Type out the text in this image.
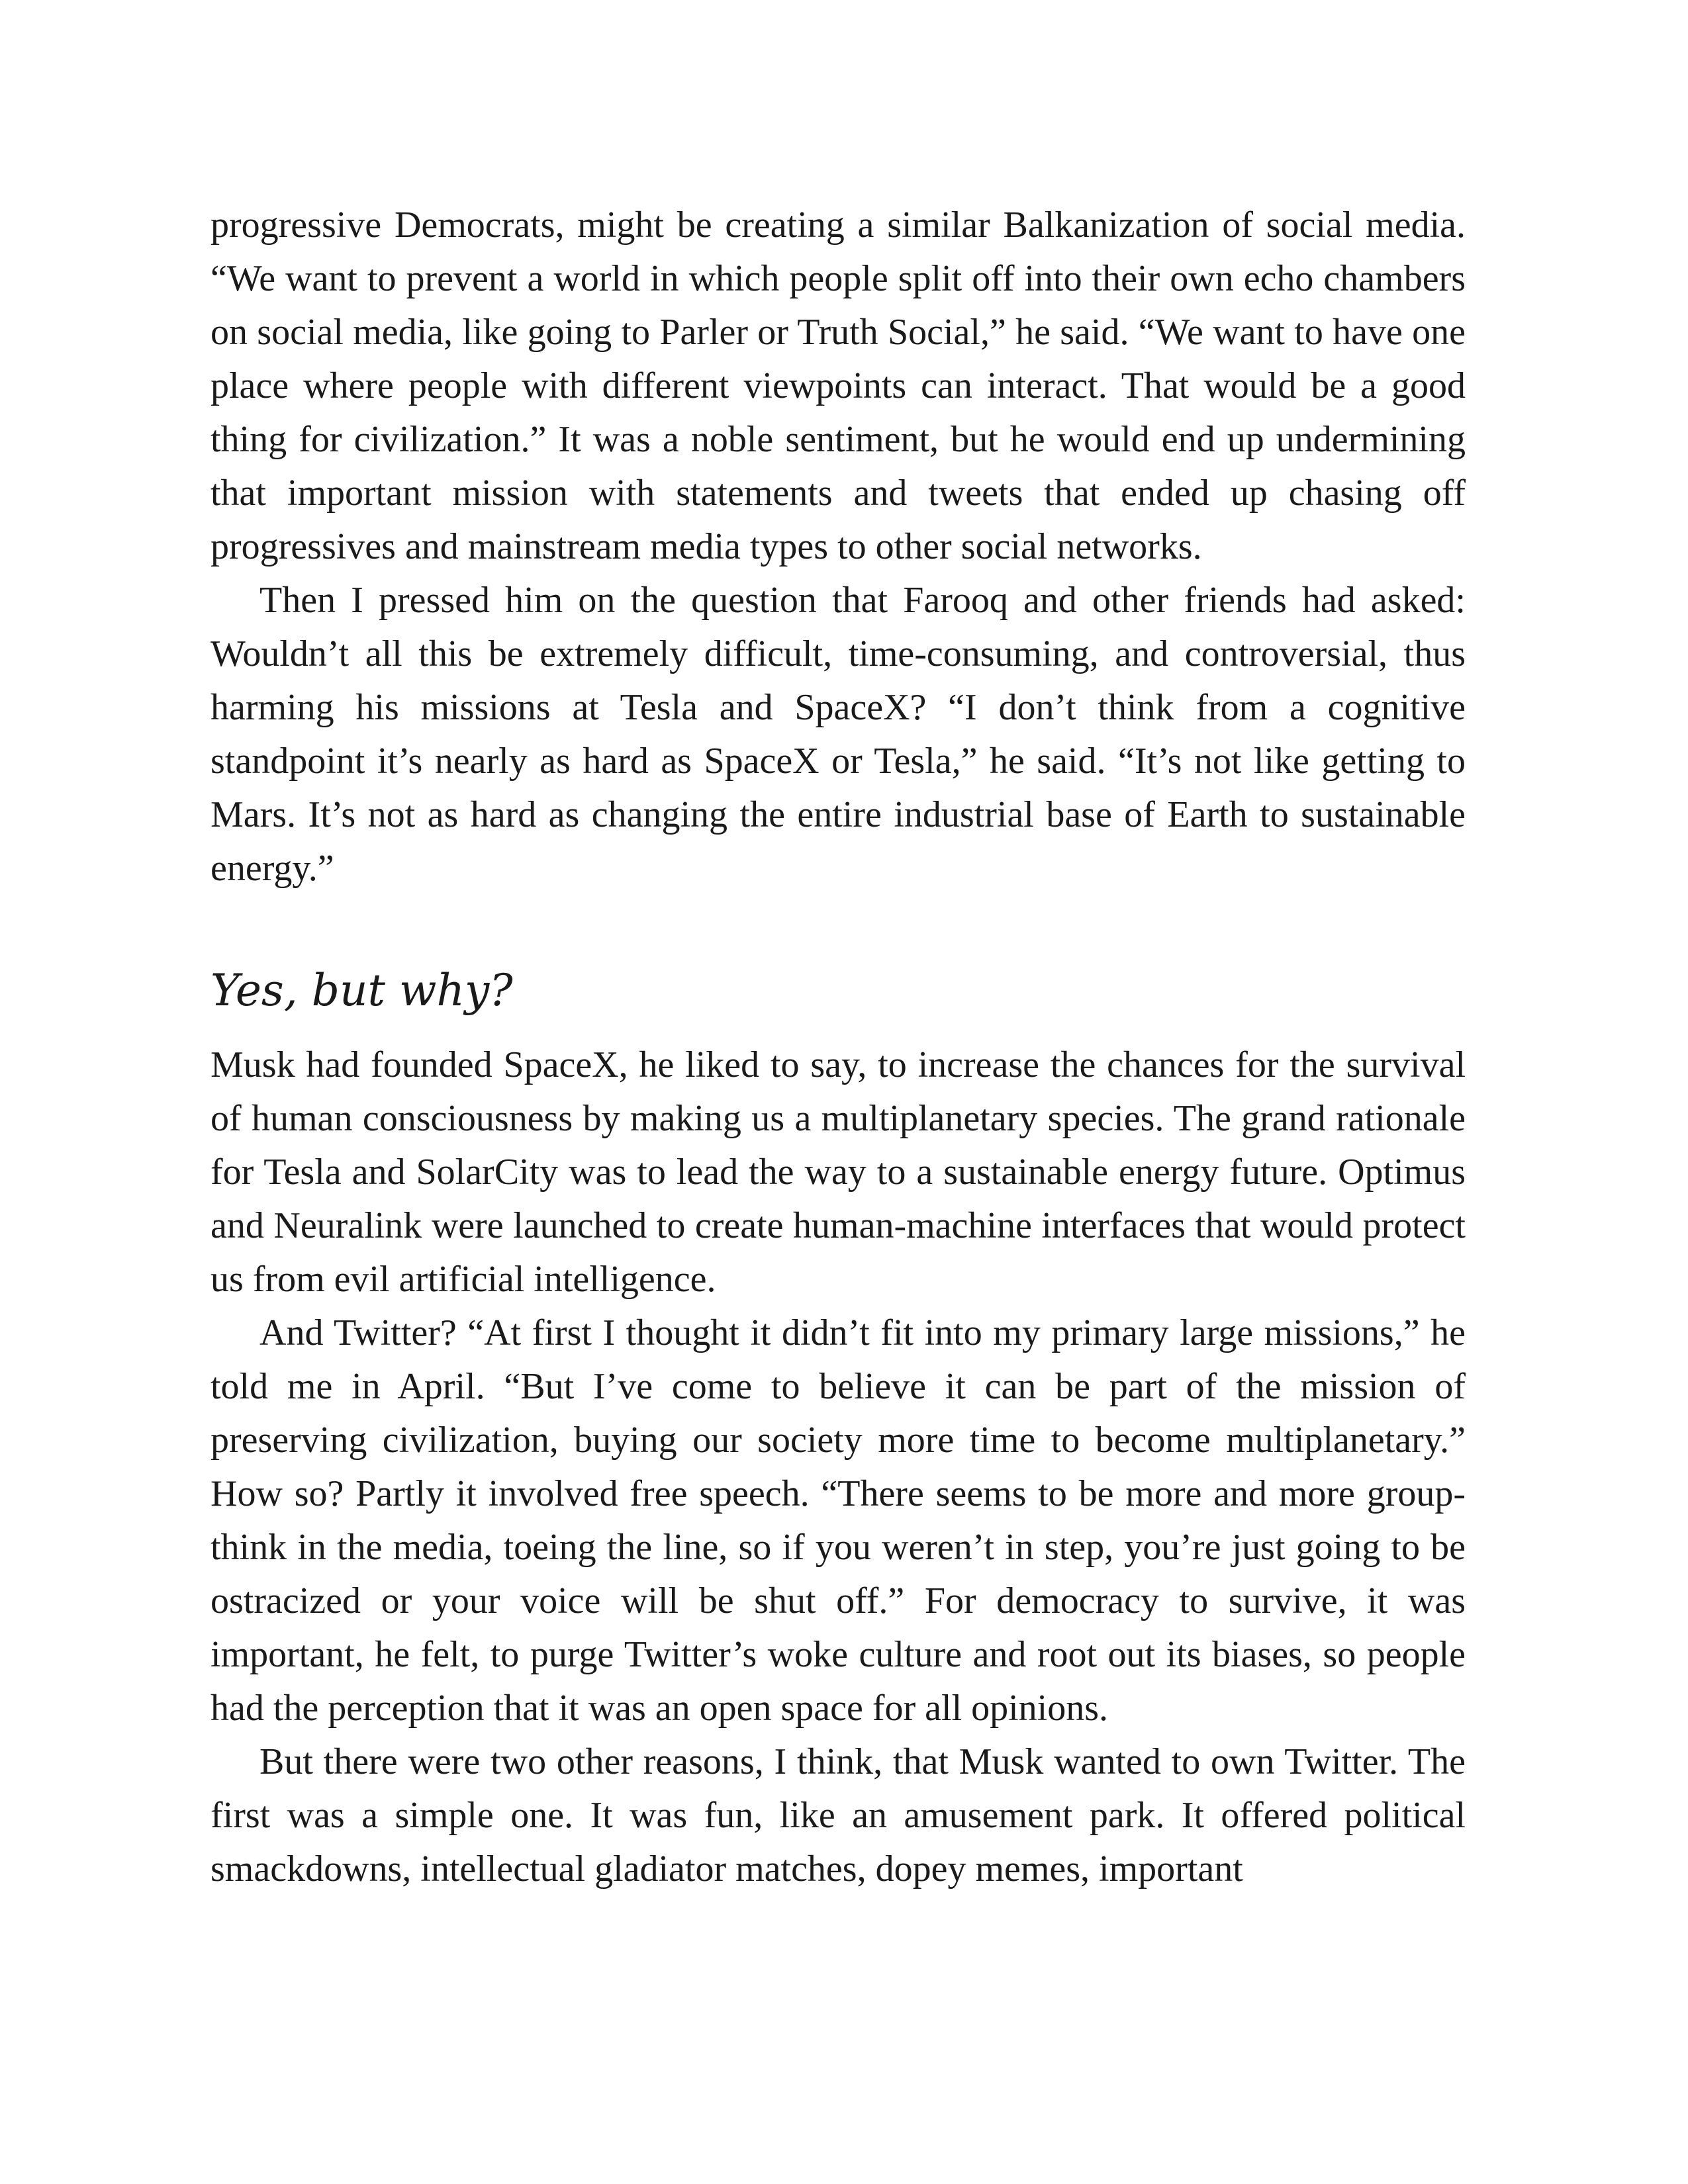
progressive Democrats, might be creating a similar Balkanization of social media. “We want to prevent a world in which people split off into their own echo chambers on social media, like going to Parler or Truth Social,” he said. “We want to have one place where people with different viewpoints can interact. That would be a good thing for civilization.” It was a noble sentiment, but he would end up undermining that important mission with statements and tweets that ended up chasing off progressives and mainstream media types to other social networks.

Then I pressed him on the question that Farooq and other friends had asked: Wouldn’t all this be extremely difficult, time-consuming, and controversial, thus harming his missions at Tesla and SpaceX? “I don’t think from a cognitive standpoint it’s nearly as hard as SpaceX or Tesla,” he said. “It’s not like getting to Mars. It’s not as hard as changing the entire industrial base of Earth to sustainable energy.”

Yes, but why?

Musk had founded SpaceX, he liked to say, to increase the chances for the survival of human consciousness by making us a multiplanetary species. The grand rationale for Tesla and SolarCity was to lead the way to a sustainable energy future. Optimus and Neuralink were launched to create human-machine interfaces that would protect us from evil artificial intelligence.

And Twitter? “At first I thought it didn’t fit into my primary large missions,” he told me in April. “But I’ve come to believe it can be part of the mission of preserving civilization, buying our society more time to become multiplanetary.” How so? Partly it involved free speech. “There seems to be more and more group-think in the media, toeing the line, so if you weren’t in step, you’re just going to be ostracized or your voice will be shut off.” For democracy to survive, it was important, he felt, to purge Twitter’s woke culture and root out its biases, so people had the perception that it was an open space for all opinions.

But there were two other reasons, I think, that Musk wanted to own Twitter. The first was a simple one. It was fun, like an amusement park. It offered political smackdowns, intellectual gladiator matches, dopey memes, important
